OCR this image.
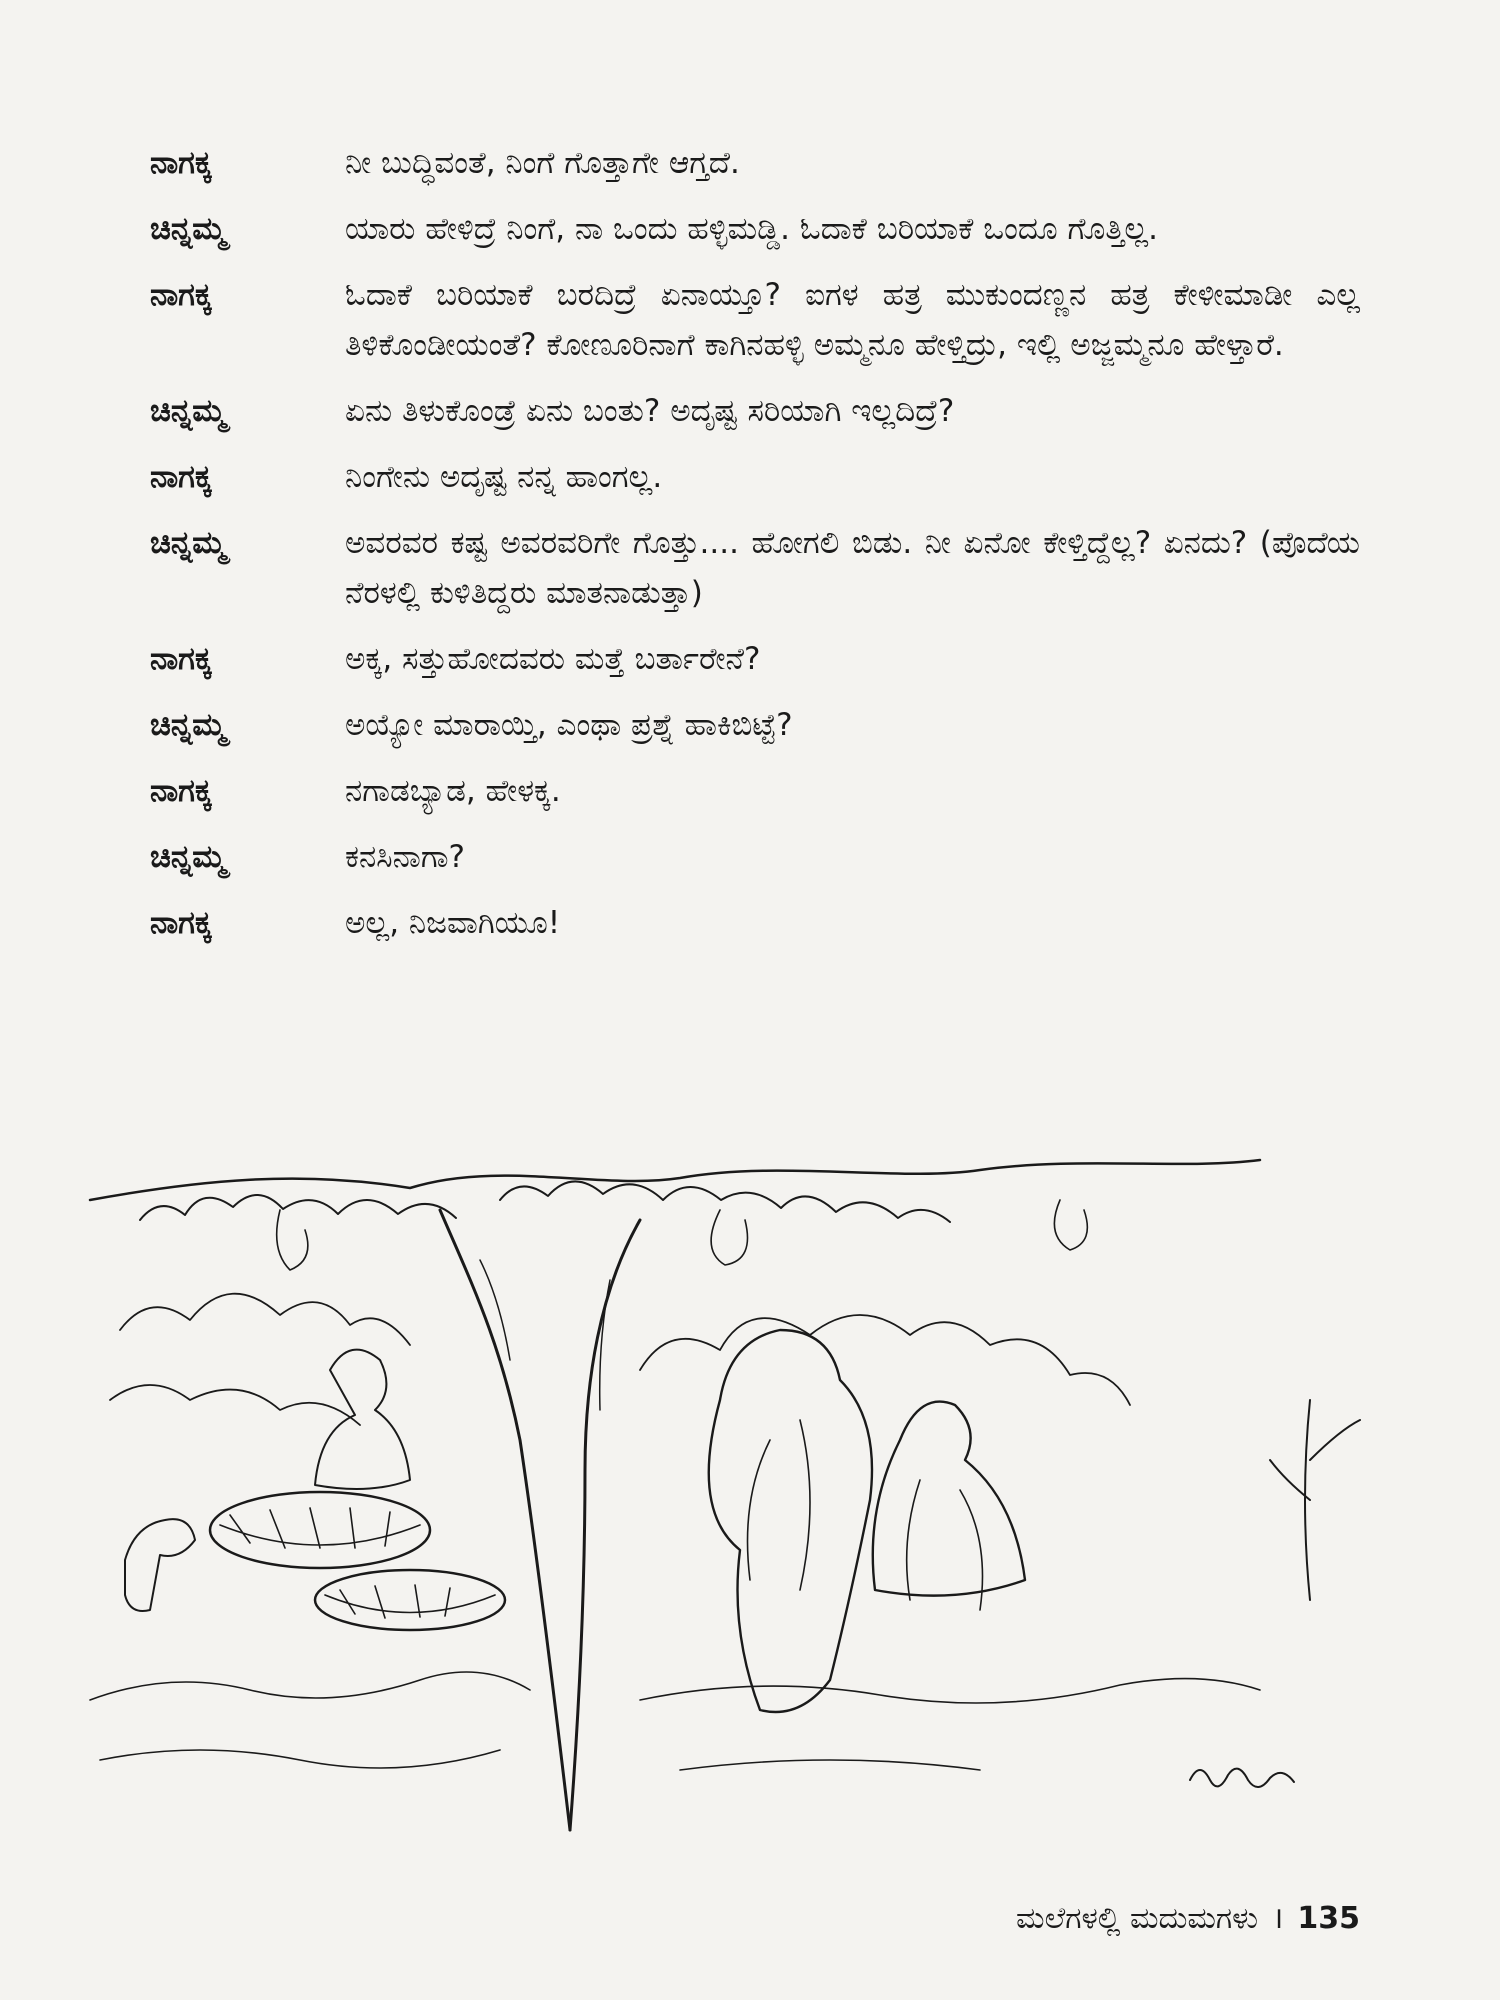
ನಾಗಕ್ಕ	ನೀ ಬುದ್ಧಿವಂತೆ, ನಿಂಗೆ ಗೊತ್ತಾಗೇ ಆಗ್ತದೆ.
ಚಿನ್ನಮ್ಮ	ಯಾರು ಹೇಳಿದ್ರೆ ನಿಂಗೆ, ನಾ ಒಂದು ಹಳ್ಳಿಮಡ್ಡಿ. ಓದಾಕೆ ಬರಿಯಾಕೆ ಒಂದೂ ಗೊತ್ತಿಲ್ಲ.
ನಾಗಕ್ಕ	ಓದಾಕೆ ಬರಿಯಾಕೆ ಬರದಿದ್ರೆ ಏನಾಯ್ತೂ? ಐಗಳ ಹತ್ರ ಮುಕುಂದಣ್ಣನ ಹತ್ರ ಕೇಳೀಮಾಡೀ ಎಲ್ಲ ತಿಳಿಕೊಂಡೀಯಂತೆ? ಕೋಣೂರಿನಾಗೆ ಕಾಗಿನಹಳ್ಳಿ ಅಮ್ಮನೂ ಹೇಳ್ತಿದ್ರು, ಇಲ್ಲಿ ಅಜ್ಜಮ್ಮನೂ ಹೇಳ್ತಾರೆ.
ಚಿನ್ನಮ್ಮ	ಏನು ತಿಳುಕೊಂಡ್ರೆ ಏನು ಬಂತು? ಅದೃಷ್ಟ ಸರಿಯಾಗಿ ಇಲ್ಲದಿದ್ರೆ?
ನಾಗಕ್ಕ	ನಿಂಗೇನು ಅದೃಷ್ಟ ನನ್ನ ಹಾಂಗಲ್ಲ.
ಚಿನ್ನಮ್ಮ	ಅವರವರ ಕಷ್ಟ ಅವರವರಿಗೇ ಗೊತ್ತು.... ಹೋಗಲಿ ಬಿಡು. ನೀ ಏನೋ ಕೇಳ್ತಿದ್ದೆಲ್ಲ? ಏನದು? (ಪೊದೆಯ ನೆರಳಲ್ಲಿ ಕುಳಿತಿದ್ದರು ಮಾತನಾಡುತ್ತಾ)
ನಾಗಕ್ಕ	ಅಕ್ಕ, ಸತ್ತುಹೋದವರು ಮತ್ತೆ ಬರ್ತಾರೇನೆ?
ಚಿನ್ನಮ್ಮ	ಅಯ್ಯೋ ಮಾರಾಯ್ತಿ, ಎಂಥಾ ಪ್ರಶ್ನೆ ಹಾಕಿಬಿಟ್ಟೆ?
ನಾಗಕ್ಕ	ನಗಾಡಬ್ಯಾಡ, ಹೇಳಕ್ಕ.
ಚಿನ್ನಮ್ಮ	ಕನಸಿನಾಗಾ?
ನಾಗಕ್ಕ	ಅಲ್ಲ, ನಿಜವಾಗಿಯೂ!
ಮಲೆಗಳಲ್ಲಿ ಮದುಮಗಳು । 135
